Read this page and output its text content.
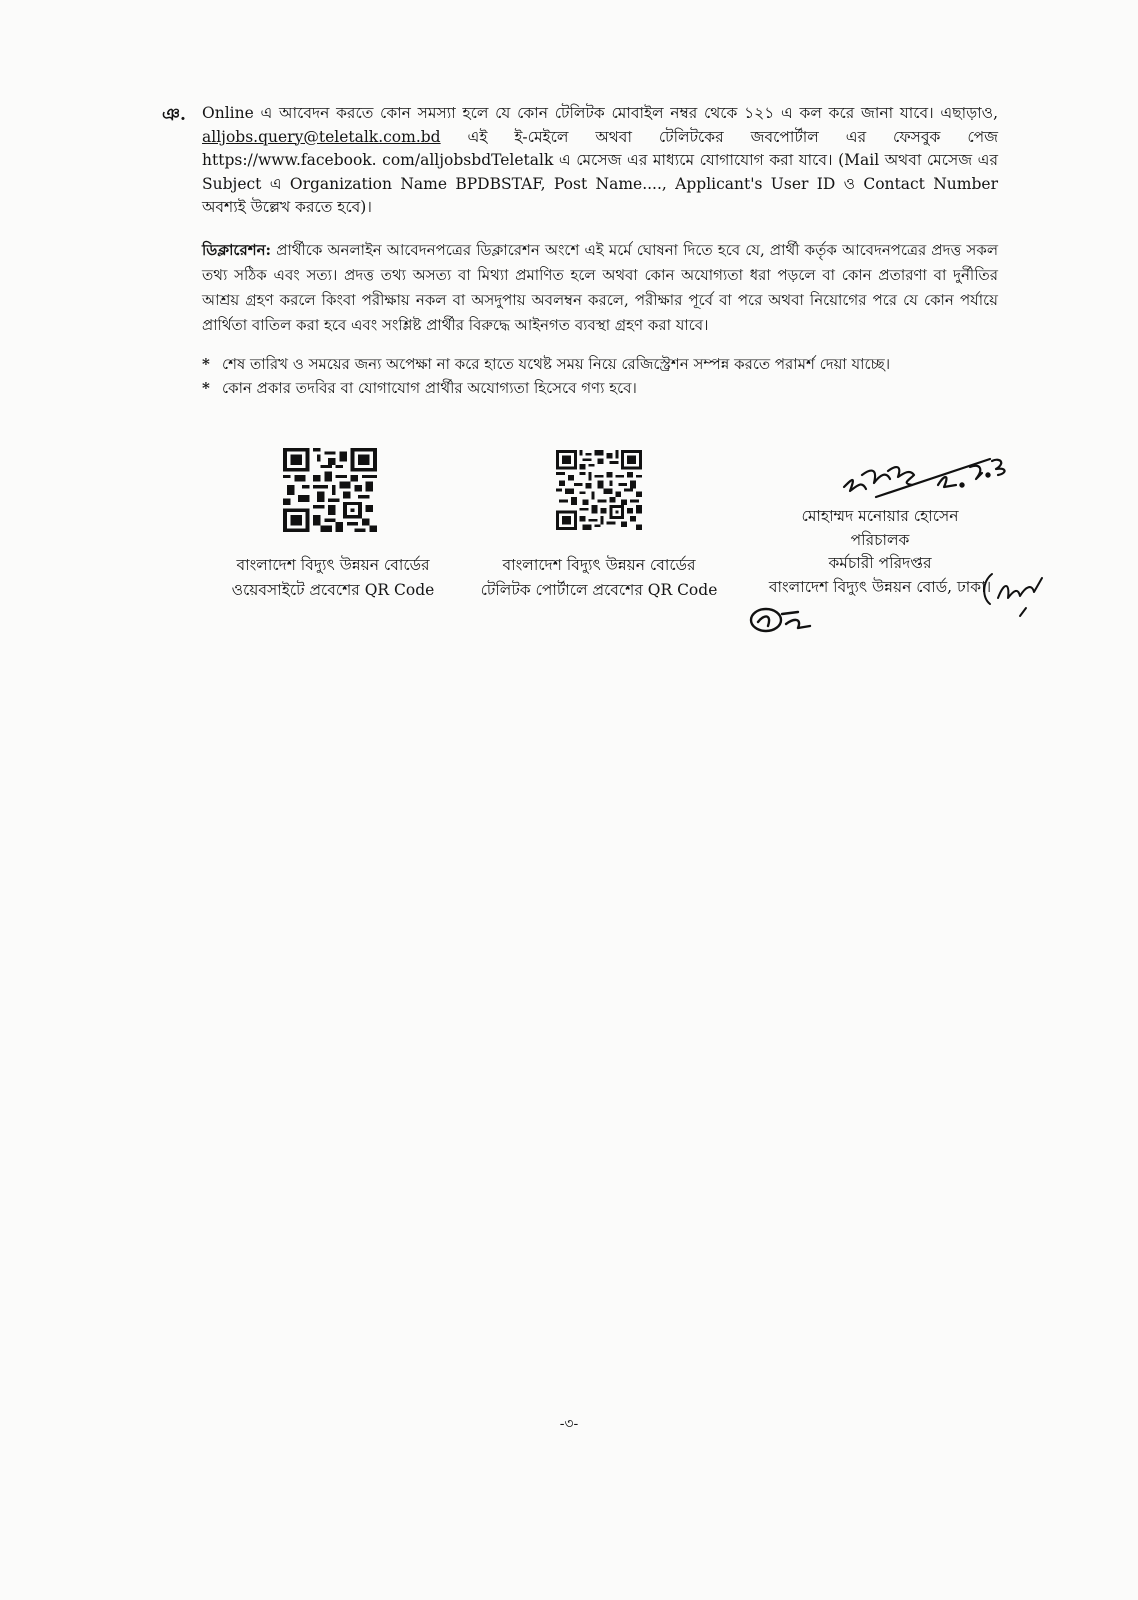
ঞ. Online এ আবেদন করতে কোন সমস্যা হলে যে কোন টেলিটক মোবাইল নম্বর থেকে ১২১ এ কল করে জানা যাবে। এছাড়াও, alljobs.query@teletalk.com.bd এই ই-মেইলে অথবা টেলিটকের জবপোর্টাল এর ফেসবুক পেজ https://www.facebook. com/alljobsbdTeletalk এ মেসেজ এর মাধ্যমে যোগাযোগ করা যাবে। (Mail অথবা মেসেজ এর Subject এ Organization Name BPDBSTAF, Post Name...., Applicant's User ID ও Contact Number অবশ্যই উল্লেখ করতে হবে)।
ডিক্লারেশন: প্রার্থীকে অনলাইন আবেদনপত্রের ডিক্লারেশন অংশে এই মর্মে ঘোষনা দিতে হবে যে, প্রার্থী কর্তৃক আবেদনপত্রের প্রদত্ত সকল তথ্য সঠিক এবং সত্য। প্রদত্ত তথ্য অসত্য বা মিথ্যা প্রমাণিত হলে অথবা কোন অযোগ্যতা ধরা পড়লে বা কোন প্রতারণা বা দুর্নীতির আশ্রয় গ্রহণ করলে কিংবা পরীক্ষায় নকল বা অসদুপায় অবলম্বন করলে, পরীক্ষার পূর্বে বা পরে অথবা নিয়োগের পরে যে কোন পর্যায়ে প্রার্থিতা বাতিল করা হবে এবং সংশ্লিষ্ট প্রার্থীর বিরুদ্ধে আইনগত ব্যবস্থা গ্রহণ করা যাবে।
* শেষ তারিখ ও সময়ের জন্য অপেক্ষা না করে হাতে যথেষ্ট সময় নিয়ে রেজিস্ট্রেশন সম্পন্ন করতে পরামর্শ দেয়া যাচ্ছে।
* কোন প্রকার তদবির বা যোগাযোগ প্রার্থীর অযোগ্যতা হিসেবে গণ্য হবে।
বাংলাদেশ বিদ্যুৎ উন্নয়ন বোর্ডের
ওয়েবসাইটে প্রবেশের QR Code
বাংলাদেশ বিদ্যুৎ উন্নয়ন বোর্ডের
টেলিটক পোর্টালে প্রবেশের QR Code
মোহাম্মদ মনোয়ার হোসেন
পরিচালক
কর্মচারী পরিদপ্তর
বাংলাদেশ বিদ্যুৎ উন্নয়ন বোর্ড, ঢাকা।
-৩-
